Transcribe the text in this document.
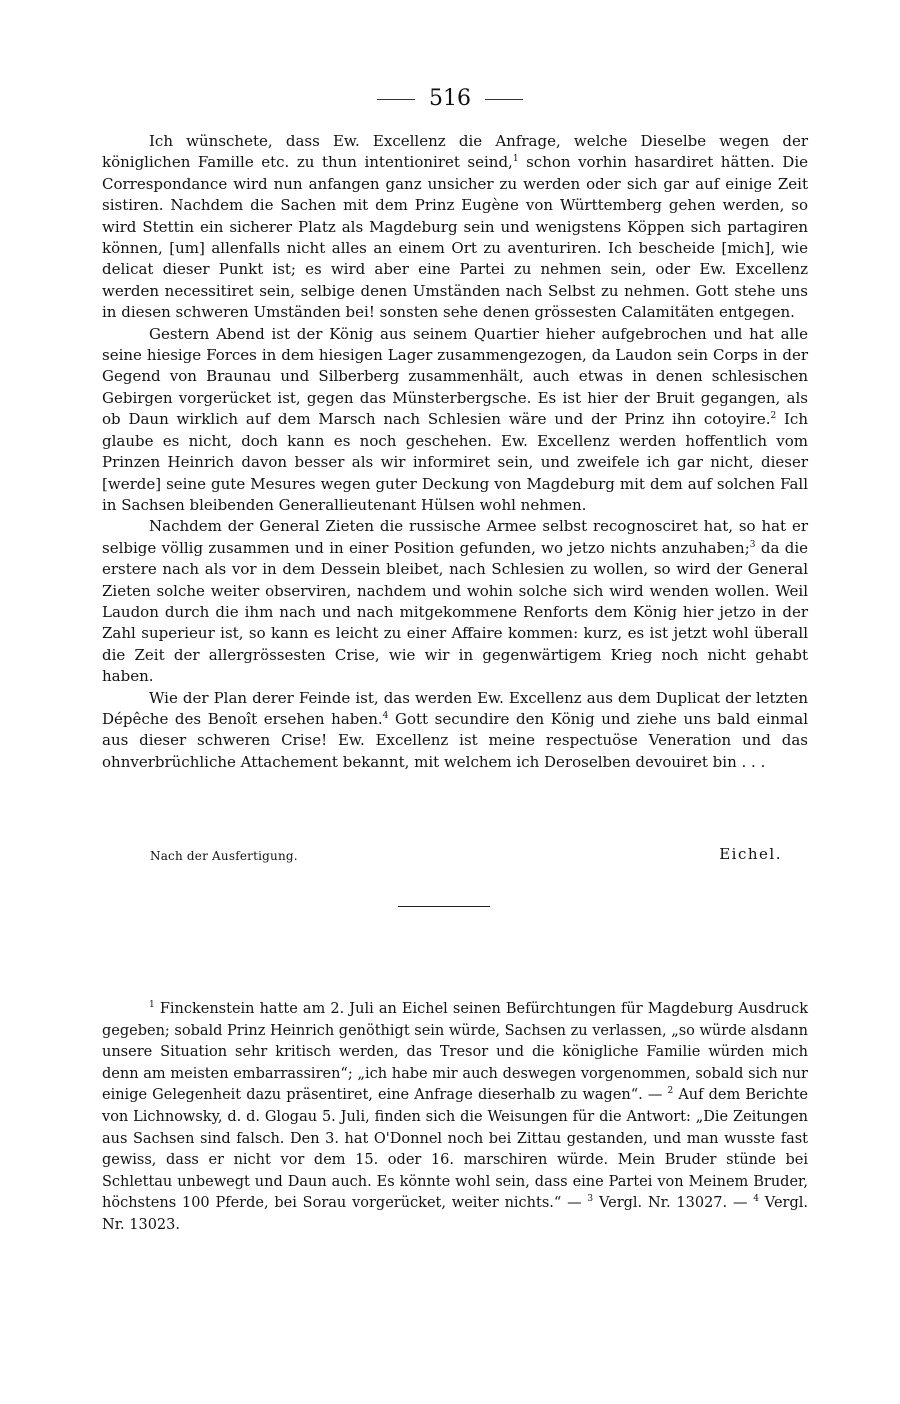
516

Ich wünschete, dass Ew. Excellenz die Anfrage, welche Dieselbe wegen der königlichen Famille etc. zu thun intentioniret seind,$^1$ schon vorhin hasardiret hätten. Die Correspondance wird nun anfangen ganz unsicher zu werden oder sich gar auf einige Zeit sistiren. Nachdem die Sachen mit dem Prinz Eugène von Württemberg gehen werden, so wird Stettin ein sicherer Platz als Magdeburg sein und wenigstens Köppen sich partagiren können, [um] allenfalls nicht alles an einem Ort zu aventuriren. Ich bescheide [mich], wie delicat dieser Punkt ist; es wird aber eine Partei zu nehmen sein, oder Ew. Excellenz werden necessitiret sein, selbige denen Umständen nach Selbst zu nehmen. Gott stehe uns in diesen schweren Umständen bei! sonsten sehe denen grössesten Calamitäten entgegen.

Gestern Abend ist der König aus seinem Quartier hieher aufgebrochen und hat alle seine hiesige Forces in dem hiesigen Lager zusammengezogen, da Laudon sein Corps in der Gegend von Braunau und Silberberg zusammenhält, auch etwas in denen schlesischen Gebirgen vorgerücket ist, gegen das Münsterbergsche. Es ist hier der Bruit gegangen, als ob Daun wirklich auf dem Marsch nach Schlesien wäre und der Prinz ihn cotoyire.$^2$ Ich glaube es nicht, doch kann es noch geschehen. Ew. Excellenz werden hoffentlich vom Prinzen Heinrich davon besser als wir informiret sein, und zweifele ich gar nicht, dieser [werde] seine gute Mesures wegen guter Deckung von Magdeburg mit dem auf solchen Fall in Sachsen bleibenden Generallieutenant Hülsen wohl nehmen.

Nachdem der General Zieten die russische Armee selbst recognosciret hat, so hat er selbige völlig zusammen und in einer Position gefunden, wo jetzo nichts anzuhaben;$^3$ da die erstere nach als vor in dem Dessein bleibet, nach Schlesien zu wollen, so wird der General Zieten solche weiter observiren, nachdem und wohin solche sich wird wenden wollen. Weil Laudon durch die ihm nach und nach mitgekommene Renforts dem König hier jetzo in der Zahl superieur ist, so kann es leicht zu einer Affaire kommen: kurz, es ist jetzt wohl überall die Zeit der allergrössesten Crise, wie wir in gegenwärtigem Krieg noch nicht gehabt haben.

Wie der Plan derer Feinde ist, das werden Ew. Excellenz aus dem Duplicat der letzten Dépêche des Benoît ersehen haben.$^4$ Gott secundire den König und ziehe uns bald einmal aus dieser schweren Crise! Ew. Excellenz ist meine respectuöse Veneration und das ohnverbrüchliche Attachement bekannt, mit welchem ich Deroselben devouiret bin . . .

Nach der Ausfertigung.	Eichel.

$^1$ Finckenstein hatte am 2. Juli an Eichel seinen Befürchtungen für Magdeburg Ausdruck gegeben; sobald Prinz Heinrich genöthigt sein würde, Sachsen zu verlassen, „so würde alsdann unsere Situation sehr kritisch werden, das Tresor und die königliche Familie würden mich denn am meisten embarrassiren“; „ich habe mir auch deswegen vorgenommen, sobald sich nur einige Gelegenheit dazu präsentiret, eine Anfrage dieserhalb zu wagen“. — $^2$ Auf dem Berichte von Lichnowsky, d. d. Glogau 5. Juli, finden sich die Weisungen für die Antwort: „Die Zeitungen aus Sachsen sind falsch. Den 3. hat O'Donnel noch bei Zittau gestanden, und man wusste fast gewiss, dass er nicht vor dem 15. oder 16. marschiren würde. Mein Bruder stünde bei Schlettau unbewegt und Daun auch. Es könnte wohl sein, dass eine Partei von Meinem Bruder, höchstens 100 Pferde, bei Sorau vorgerücket, weiter nichts.“ — $^3$ Vergl. Nr. 13027. — $^4$ Vergl. Nr. 13023.
